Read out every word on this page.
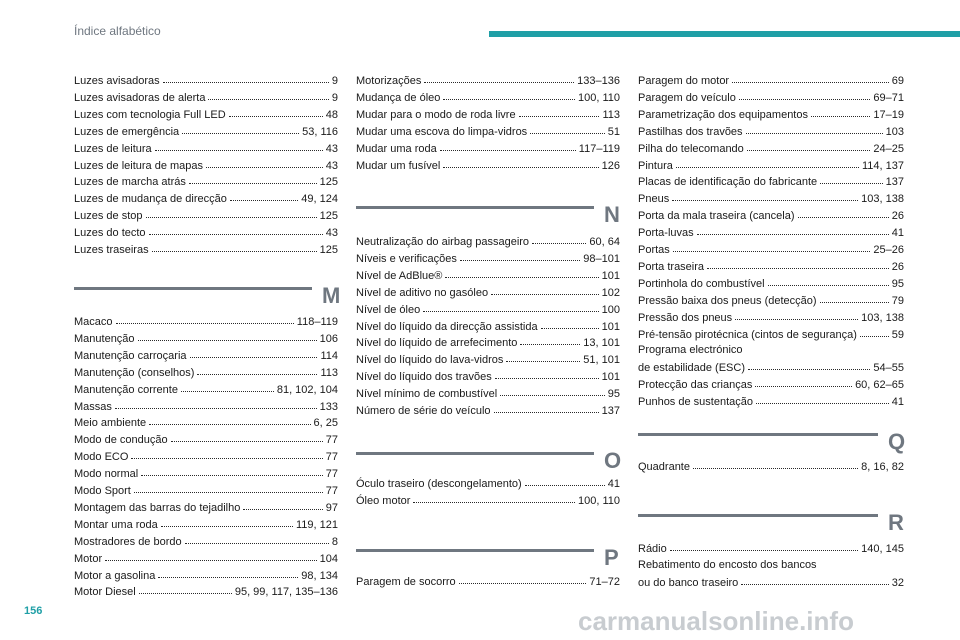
Índice alfabético
156	carmanualsonline.info
Luzes avisadoras	9
Luzes avisadoras de alerta	9
Luzes com tecnologia Full LED	48
Luzes de emergência	53, 116
Luzes de leitura	43
Luzes de leitura de mapas	43
Luzes de marcha atrás	125
Luzes de mudança de direcção	49, 124
Luzes de stop	125
Luzes do tecto	43
Luzes traseiras	125
M
Macaco	118–119
Manutenção	106
Manutenção carroçaria	114
Manutenção (conselhos)	113
Manutenção corrente	81, 102, 104
Massas	133
Meio ambiente	6, 25
Modo de condução	77
Modo ECO	77
Modo normal	77
Modo Sport	77
Montagem das barras do tejadilho	97
Montar uma roda	119, 121
Mostradores de bordo	8
Motor	104
Motor a gasolina	98, 134
Motor Diesel	95, 99, 117, 135–136
Motorizações	133–136
Mudança de óleo	100, 110
Mudar para o modo de roda livre	113
Mudar uma escova do limpa-vidros	51
Mudar uma roda	117–119
Mudar um fusível	126
N
Neutralização do airbag passageiro	60, 64
Níveis e verificações	98–101
Nível de AdBlue®	101
Nível de aditivo no gasóleo	102
Nível de óleo	100
Nível do líquido da direcção assistida	101
Nível do líquido de arrefecimento	13, 101
Nível do líquido do lava-vidros	51, 101
Nível do líquido dos travões	101
Nível mínimo de combustível	95
Número de série do veículo	137
O
Óculo traseiro (descongelamento)	41
Óleo motor	100, 110
P
Paragem de socorro	71–72
Paragem do motor	69
Paragem do veículo	69–71
Parametrização dos equipamentos	17–19
Pastilhas dos travões	103
Pilha do telecomando	24–25
Pintura	114, 137
Placas de identificação do fabricante	137
Pneus	103, 138
Porta da mala traseira (cancela)	26
Porta-luvas	41
Portas	25–26
Porta traseira	26
Portinhola do combustível	95
Pressão baixa dos pneus (detecção)	79
Pressão dos pneus	103, 138
Pré-tensão pirotécnica (cintos de segurança)	59
Programa electrónico
de estabilidade (ESC)	54–55
Protecção das crianças	60, 62–65
Punhos de sustentação	41
Q
Quadrante	8, 16, 82
R
Rádio	140, 145
Rebatimento do encosto dos bancos
ou do banco traseiro	32
